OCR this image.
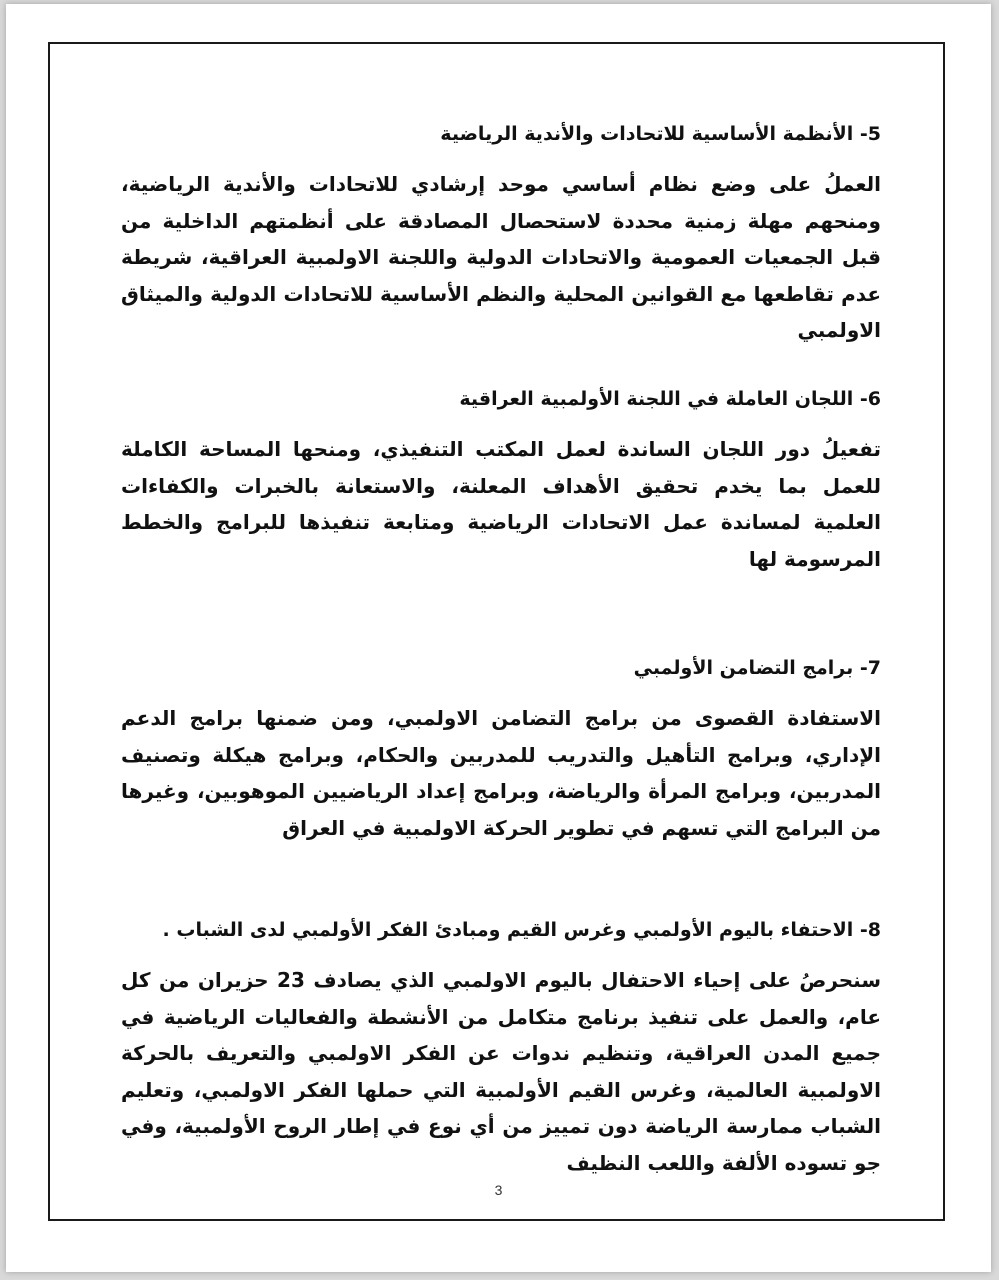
5- الأنظمة الأساسية للاتحادات والأندية الرياضية

العملُ على وضع نظام أساسي موحد إرشادي للاتحادات والأندية الرياضية، ومنحهم مهلة زمنية محددة لاستحصال المصادقة على أنظمتهم الداخلية من قبل الجمعيات العمومية والاتحادات الدولية واللجنة الاولمبية العراقية، شريطة عدم تقاطعها مع القوانين المحلية والنظم الأساسية للاتحادات الدولية والميثاق الاولمبي

6- اللجان العاملة في اللجنة الأولمبية العراقية

تفعيلُ دور اللجان الساندة لعمل المكتب التنفيذي، ومنحها المساحة الكاملة للعمل بما يخدم تحقيق الأهداف المعلنة، والاستعانة بالخبرات والكفاءات العلمية لمساندة عمل الاتحادات الرياضية ومتابعة تنفيذها للبرامج والخطط المرسومة لها

7- برامج التضامن الأولمبي

الاستفادة القصوى من برامج التضامن الاولمبي، ومن ضمنها برامج الدعم الإداري، وبرامج التأهيل والتدريب للمدربين والحكام، وبرامج هيكلة وتصنيف المدربين، وبرامج المرأة والرياضة، وبرامج إعداد الرياضيين الموهوبين، وغيرها من البرامج التي تسهم في تطوير الحركة الاولمبية في العراق

8- الاحتفاء باليوم الأولمبي وغرس القيم ومبادئ الفكر الأولمبي لدى الشباب .

سنحرصُ على إحياء الاحتفال باليوم الاولمبي الذي يصادف 23 حزيران من كل عام، والعمل على تنفيذ برنامج متكامل من الأنشطة والفعاليات الرياضية في جميع المدن العراقية، وتنظيم ندوات عن الفكر الاولمبي والتعريف بالحركة الاولمبية العالمية، وغرس القيم الأولمبية التي حملها الفكر الاولمبي، وتعليم الشباب ممارسة الرياضة دون تمييز من أي نوع في إطار الروح الأولمبية، وفي جو تسوده الألفة واللعب النظيف

3
